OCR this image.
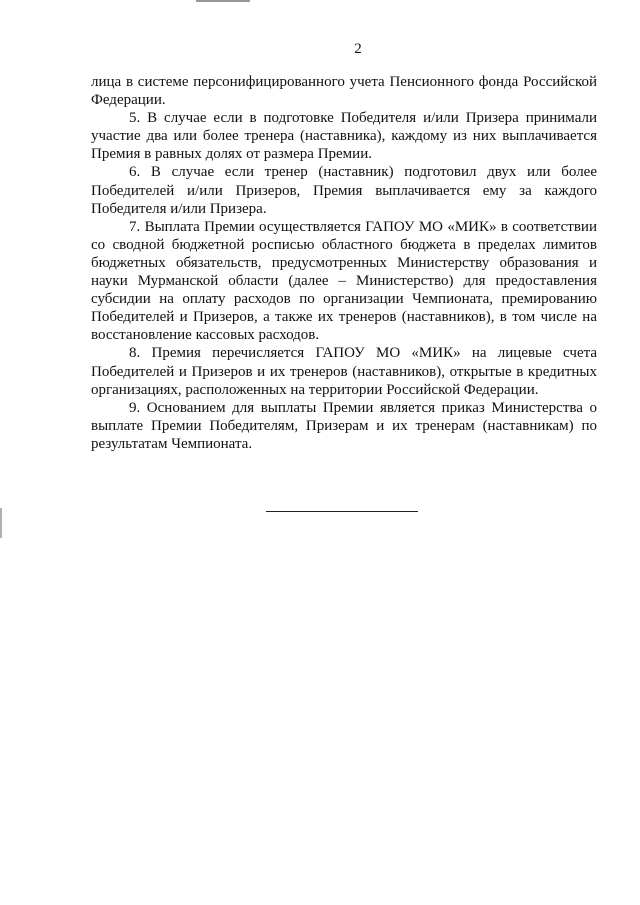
2

лица в системе персонифицированного учета Пенсионного фонда Российской Федерации.

5. В случае если в подготовке Победителя и/или Призера принимали участие два или более тренера (наставника), каждому из них выплачивается Премия в равных долях от размера Премии.

6. В случае если тренер (наставник) подготовил двух или более Победителей и/или Призеров, Премия выплачивается ему за каждого Победителя и/или Призера.

7. Выплата Премии осуществляется ГАПОУ МО «МИК» в соответствии со сводной бюджетной росписью областного бюджета в пределах лимитов бюджетных обязательств, предусмотренных Министерству образования и науки Мурманской области (далее – Министерство) для предоставления субсидии на оплату расходов по организации Чемпионата, премированию Победителей и Призеров, а также их тренеров (наставников), в том числе на восстановление кассовых расходов.

8. Премия перечисляется ГАПОУ МО «МИК» на лицевые счета Победителей и Призеров и их тренеров (наставников), открытые в кредитных организациях, расположенных на территории Российской Федерации.

9. Основанием для выплаты Премии является приказ Министерства о выплате Премии Победителям, Призерам и их тренерам (наставникам) по результатам Чемпионата.
